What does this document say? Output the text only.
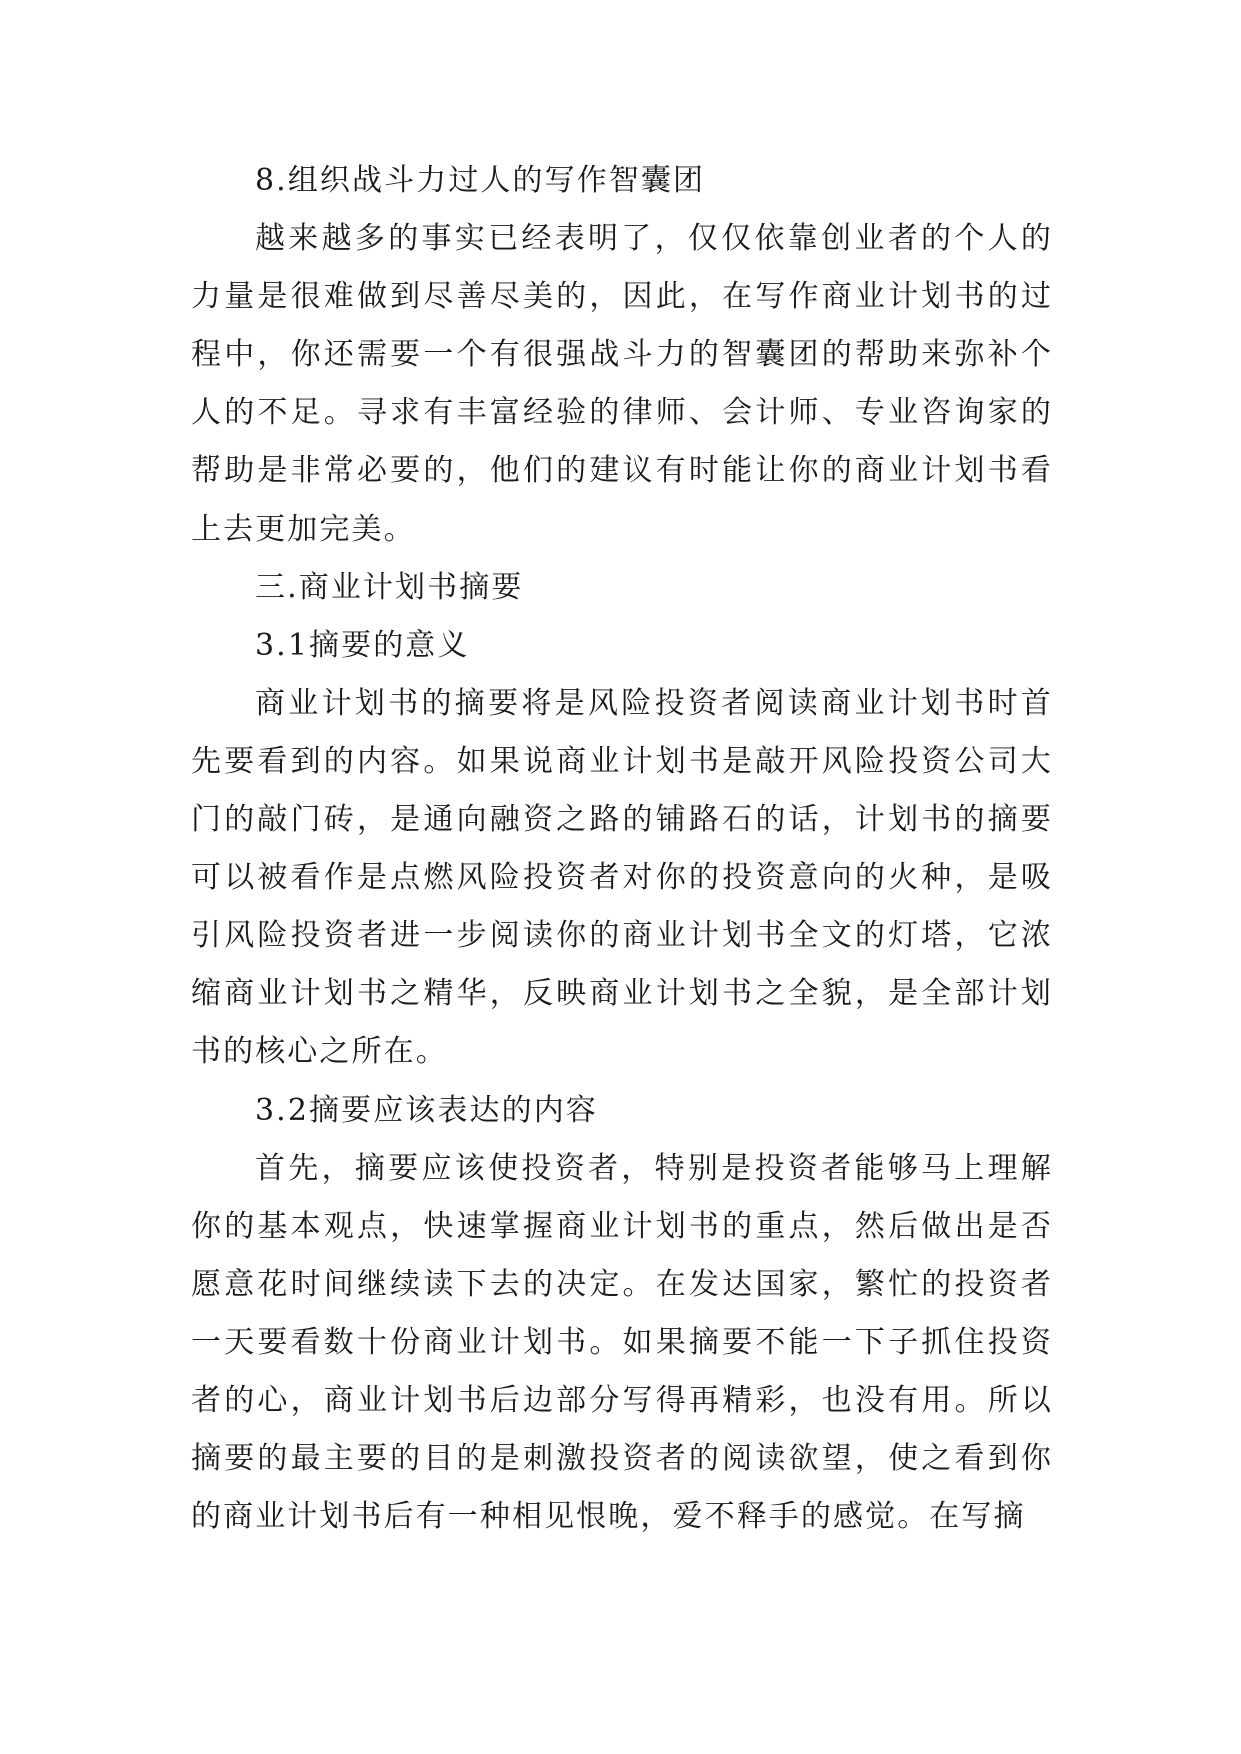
8.组织战斗力过人的写作智囊团

越来越多的事实已经表明了，仅仅依靠创业者的个人的力量是很难做到尽善尽美的，因此，在写作商业计划书的过程中，你还需要一个有很强战斗力的智囊团的帮助来弥补个人的不足。寻求有丰富经验的律师、会计师、专业咨询家的帮助是非常必要的，他们的建议有时能让你的商业计划书看上去更加完美。

三.商业计划书摘要

3.1摘要的意义

商业计划书的摘要将是风险投资者阅读商业计划书时首先要看到的内容。如果说商业计划书是敲开风险投资公司大门的敲门砖，是通向融资之路的铺路石的话，计划书的摘要可以被看作是点燃风险投资者对你的投资意向的火种，是吸引风险投资者进一步阅读你的商业计划书全文的灯塔，它浓缩商业计划书之精华，反映商业计划书之全貌，是全部计划书的核心之所在。

3.2摘要应该表达的内容

首先，摘要应该使投资者，特别是投资者能够马上理解你的基本观点，快速掌握商业计划书的重点，然后做出是否愿意花时间继续读下去的决定。在发达国家，繁忙的投资者一天要看数十份商业计划书。如果摘要不能一下子抓住投资者的心，商业计划书后边部分写得再精彩，也没有用。所以摘要的最主要的目的是刺激投资者的阅读欲望，使之看到你的商业计划书后有一种相见恨晚，爱不释手的感觉。在写摘
